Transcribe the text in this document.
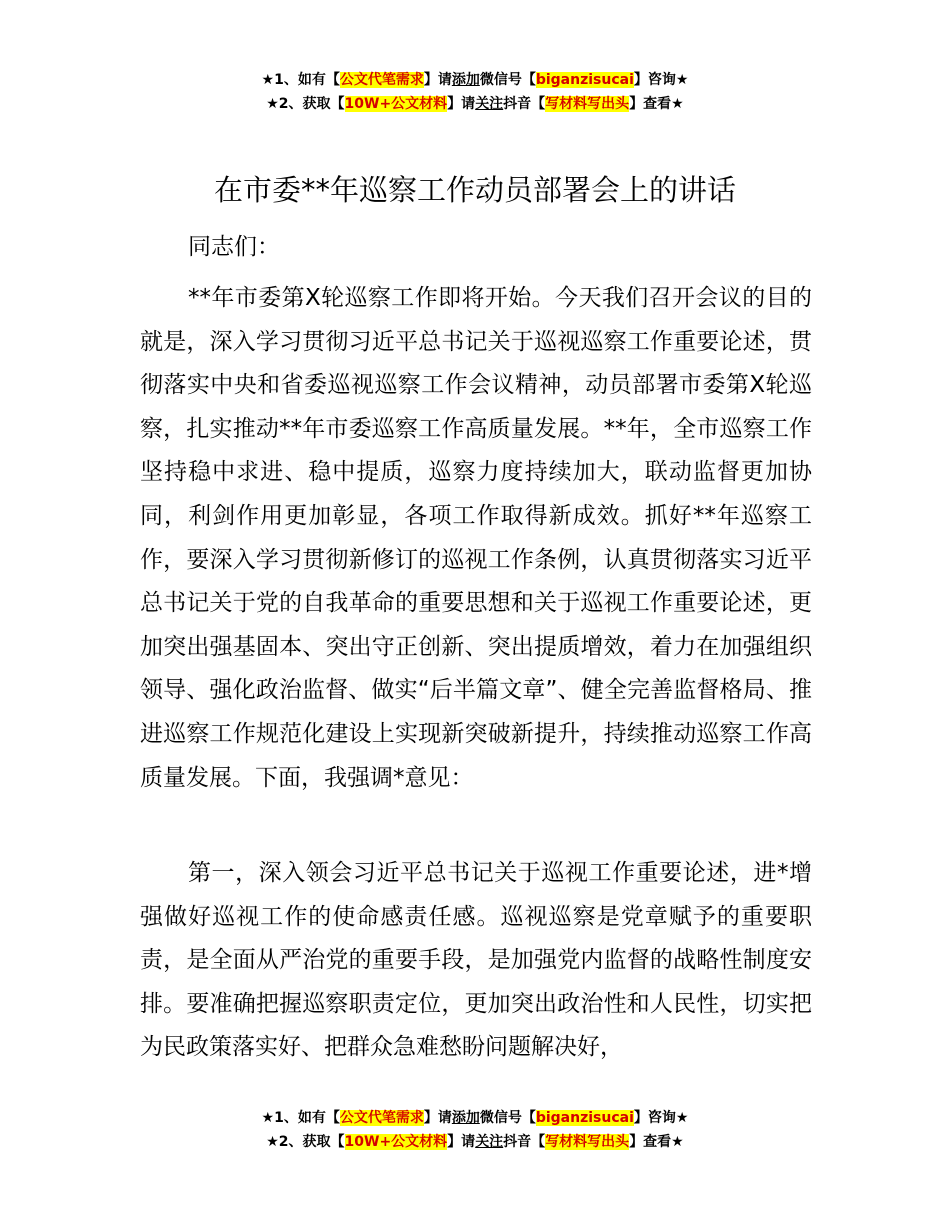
★1、如有【公文代笔需求】请添加微信号【biganzisucai】咨询★
★2、获取【10W+公文材料】请关注抖音【写材料写出头】查看★
在市委**年巡察工作动员部署会上的讲话

同志们：

**年市委第X轮巡察工作即将开始。今天我们召开会议的目的就是，深入学习贯彻习近平总书记关于巡视巡察工作重要论述，贯彻落实中央和省委巡视巡察工作会议精神，动员部署市委第X轮巡察，扎实推动**年市委巡察工作高质量发展。**年，全市巡察工作坚持稳中求进、稳中提质，巡察力度持续加大，联动监督更加协同，利剑作用更加彰显，各项工作取得新成效。抓好**年巡察工作，要深入学习贯彻新修订的巡视工作条例，认真贯彻落实习近平总书记关于党的自我革命的重要思想和关于巡视工作重要论述，更加突出强基固本、突出守正创新、突出提质增效，着力在加强组织领导、强化政治监督、做实“后半篇文章”、健全完善监督格局、推进巡察工作规范化建设上实现新突破新提升，持续推动巡察工作高质量发展。下面，我强调*意见：

第一，深入领会习近平总书记关于巡视工作重要论述，进*增强做好巡视工作的使命感责任感。巡视巡察是党章赋予的重要职责，是全面从严治党的重要手段，是加强党内监督的战略性制度安排。要准确把握巡察职责定位，更加突出政治性和人民性，切实把为民政策落实好、把群众急难愁盼问题解决好，

★1、如有【公文代笔需求】请添加微信号【biganzisucai】咨询★
★2、获取【10W+公文材料】请关注抖音【写材料写出头】查看★
